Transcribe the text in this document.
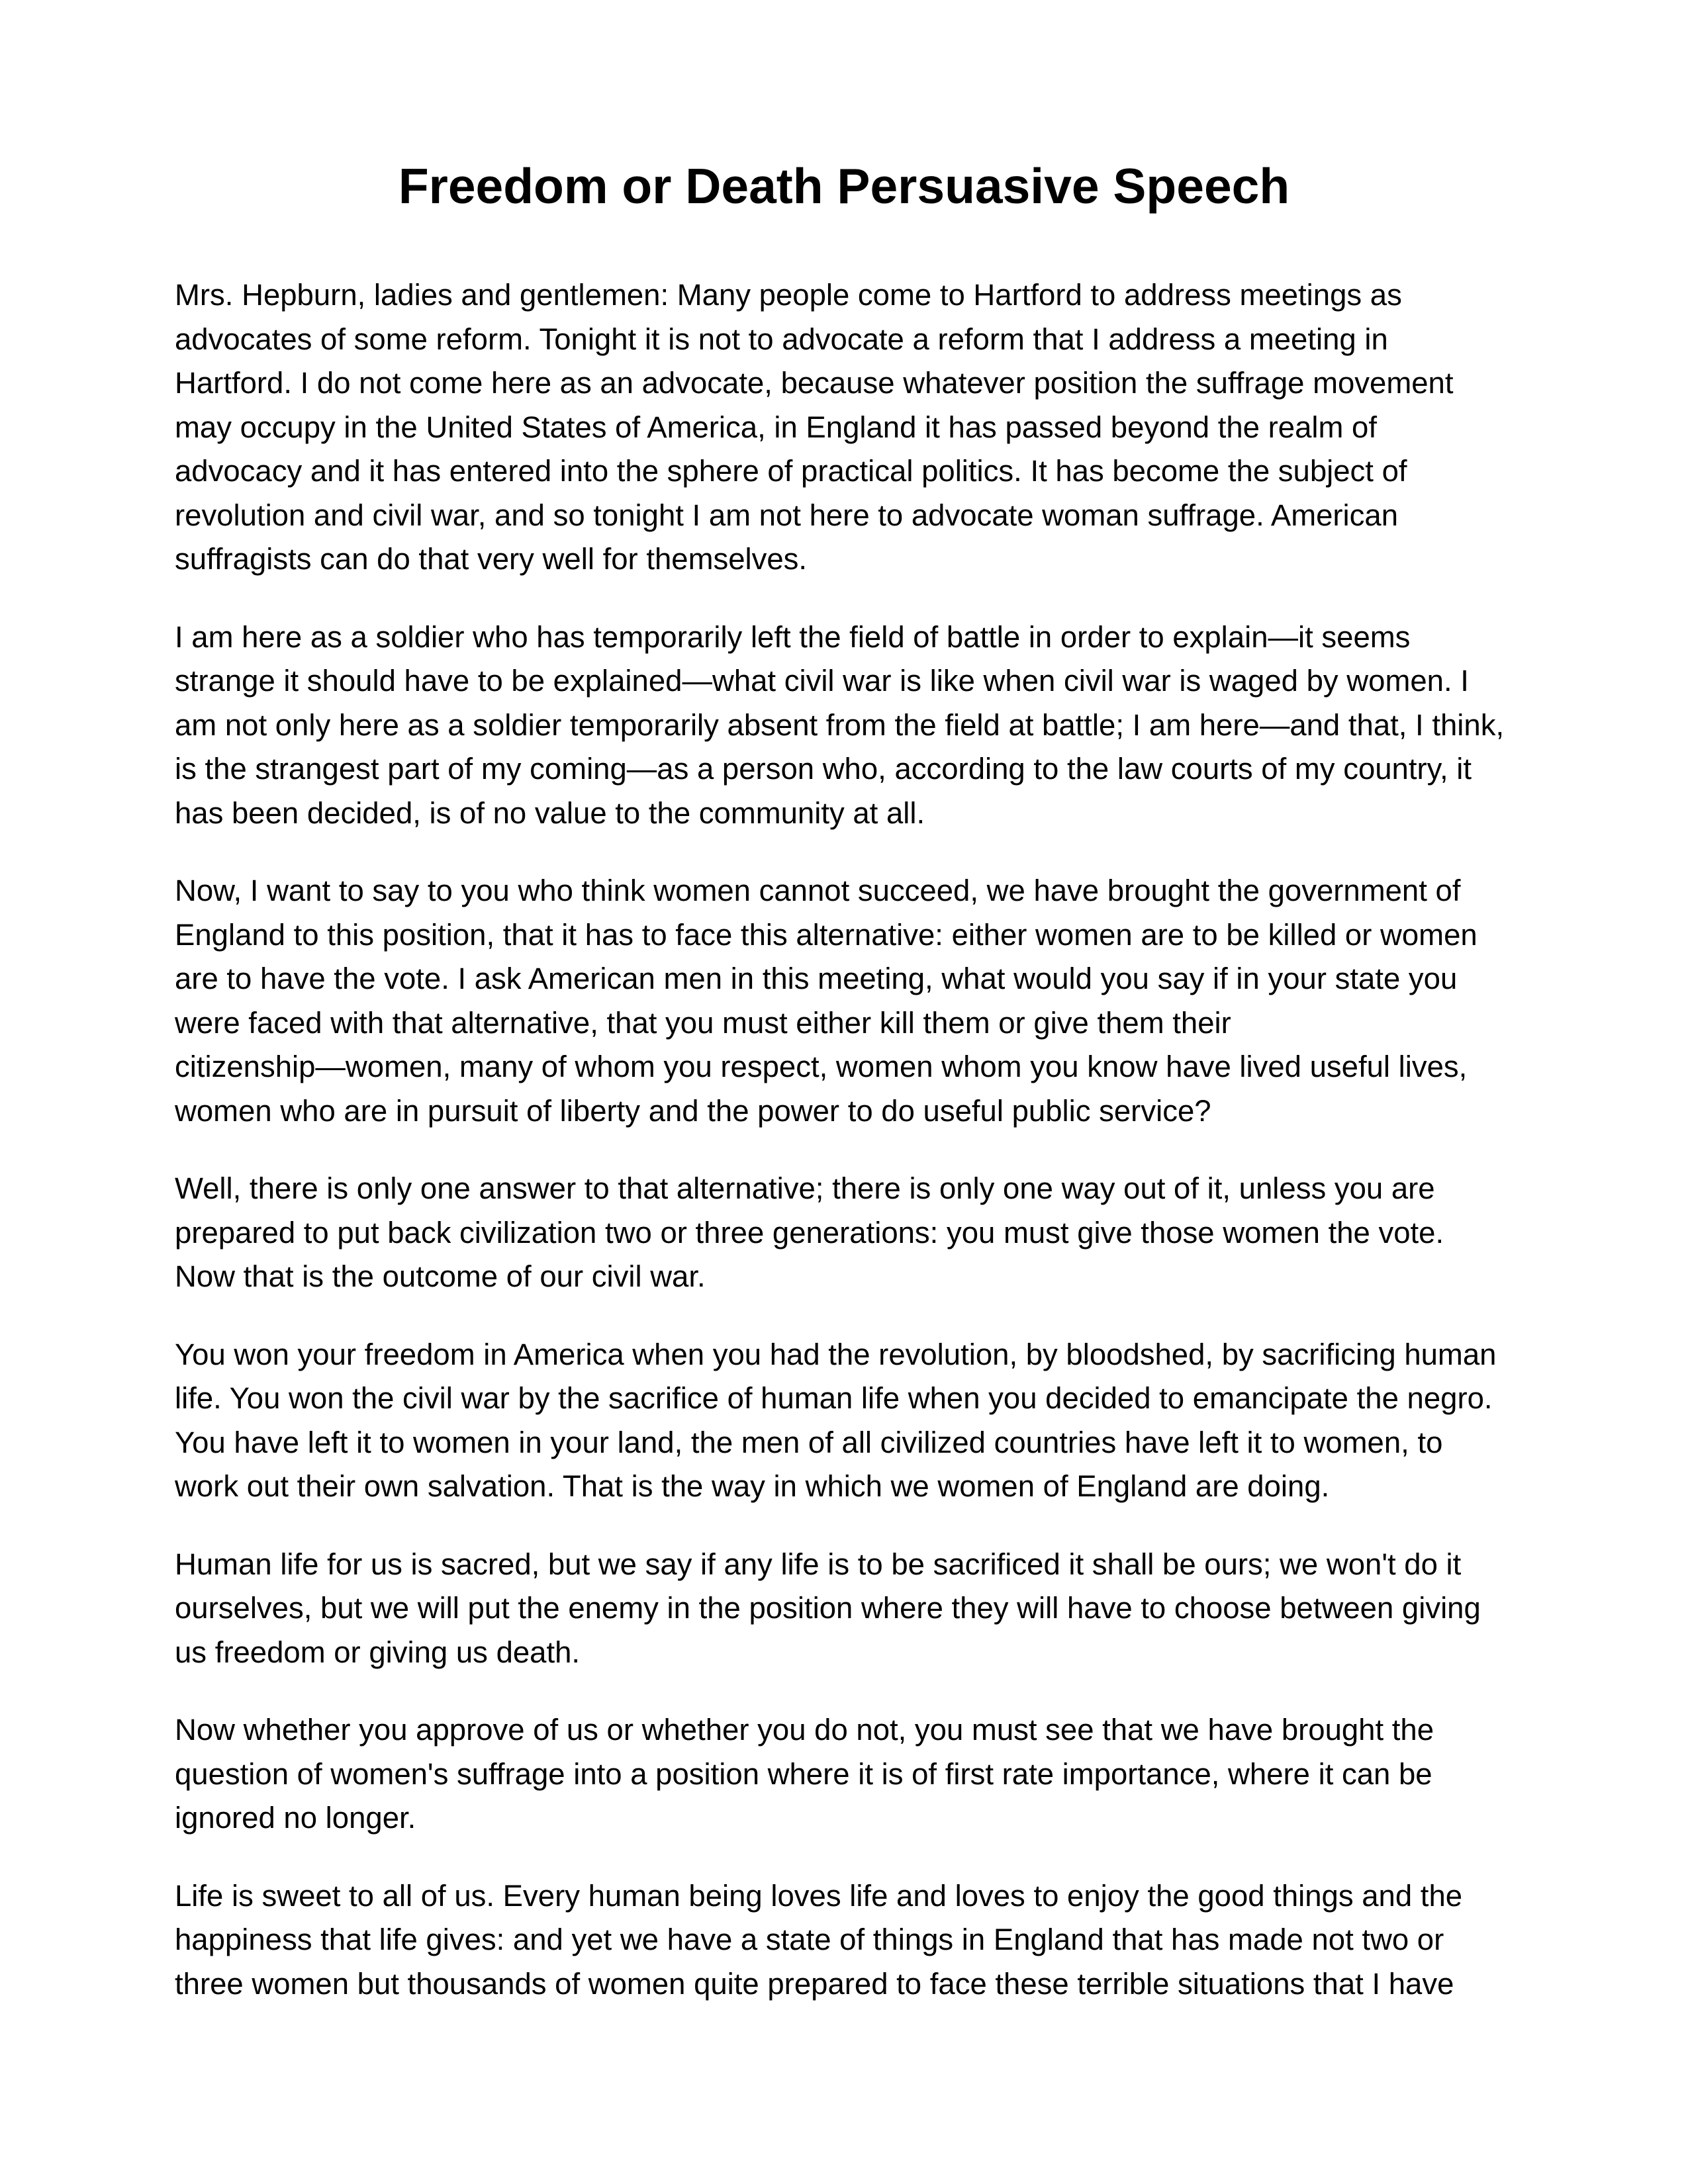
Freedom or Death Persuasive Speech

Mrs. Hepburn, ladies and gentlemen: Many people come to Hartford to address meetings as
advocates of some reform. Tonight it is not to advocate a reform that I address a meeting in
Hartford. I do not come here as an advocate, because whatever position the suffrage movement
may occupy in the United States of America, in England it has passed beyond the realm of
advocacy and it has entered into the sphere of practical politics. It has become the subject of
revolution and civil war, and so tonight I am not here to advocate woman suffrage. American
suffragists can do that very well for themselves.

I am here as a soldier who has temporarily left the field of battle in order to explain—it seems
strange it should have to be explained—what civil war is like when civil war is waged by women. I
am not only here as a soldier temporarily absent from the field at battle; I am here—and that, I think,
is the strangest part of my coming—as a person who, according to the law courts of my country, it
has been decided, is of no value to the community at all.

Now, I want to say to you who think women cannot succeed, we have brought the government of
England to this position, that it has to face this alternative: either women are to be killed or women
are to have the vote. I ask American men in this meeting, what would you say if in your state you
were faced with that alternative, that you must either kill them or give them their
citizenship—women, many of whom you respect, women whom you know have lived useful lives,
women who are in pursuit of liberty and the power to do useful public service?

Well, there is only one answer to that alternative; there is only one way out of it, unless you are
prepared to put back civilization two or three generations: you must give those women the vote.
Now that is the outcome of our civil war.

You won your freedom in America when you had the revolution, by bloodshed, by sacrificing human
life. You won the civil war by the sacrifice of human life when you decided to emancipate the negro.
You have left it to women in your land, the men of all civilized countries have left it to women, to
work out their own salvation. That is the way in which we women of England are doing.

Human life for us is sacred, but we say if any life is to be sacrificed it shall be ours; we won't do it
ourselves, but we will put the enemy in the position where they will have to choose between giving
us freedom or giving us death.

Now whether you approve of us or whether you do not, you must see that we have brought the
question of women's suffrage into a position where it is of first rate importance, where it can be
ignored no longer.

Life is sweet to all of us. Every human being loves life and loves to enjoy the good things and the
happiness that life gives: and yet we have a state of things in England that has made not two or
three women but thousands of women quite prepared to face these terrible situations that I have
